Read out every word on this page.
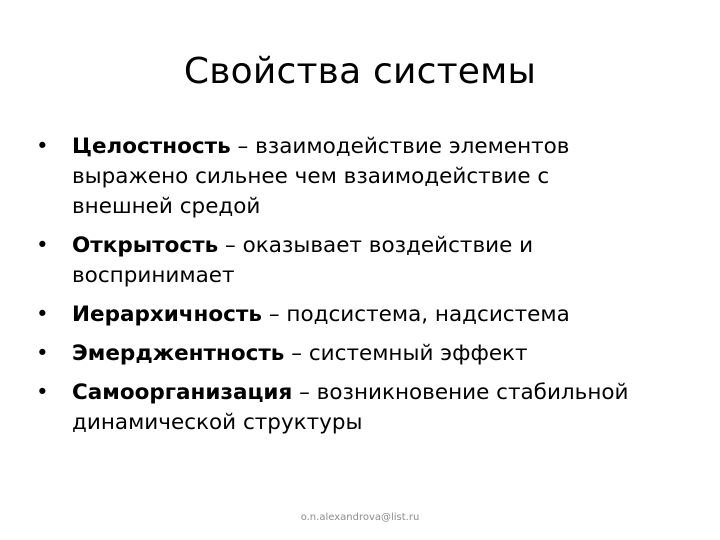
Свойства системы
•	Целостность – взаимодействие элементов выражено сильнее чем взаимодействие с внешней средой
•	Открытость – оказывает воздействие и воспринимает
•	Иерархичность – подсистема, надсистема
•	Эмерджентность – системный эффект
•	Самоорганизация – возникновение стабильной динамической структуры
o.n.alexandrova@list.ru
